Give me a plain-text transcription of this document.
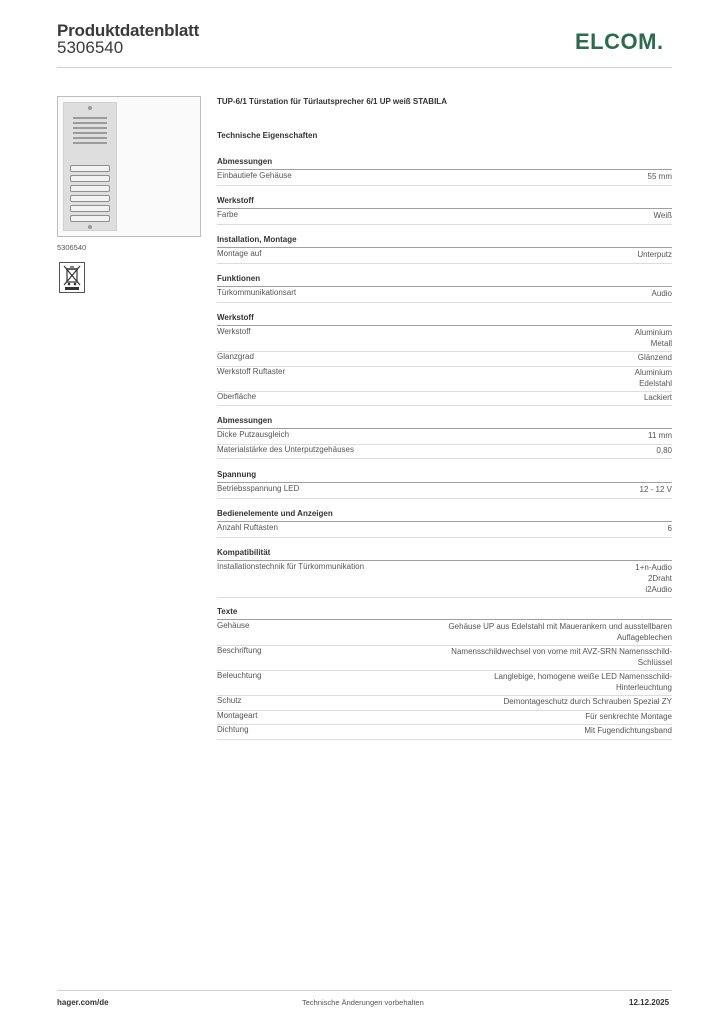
Produktdatenblatt
5306540	ELCOM.
5306540
TUP-6/1 Türstation für Türlautsprecher 6/1 UP weiß STABILA
Technische Eigenschaften
Abmessungen
Einbautiefe Gehäuse	55 mm
Werkstoff
Farbe	Weiß
Installation, Montage
Montage auf	Unterputz
Funktionen
Türkommunikationsart	Audio
Werkstoff
Werkstoff	Aluminium
Metall
Glanzgrad	Glänzend
Werkstoff Ruftaster	Aluminium
Edelstahl
Oberfläche	Lackiert
Abmessungen
Dicke Putzausgleich	11 mm
Materialstärke des Unterputzgehäuses	0,80
Spannung
Betriebsspannung LED	12 - 12 V
Bedienelemente und Anzeigen
Anzahl Ruftasten	6
Kompatibilität
Installationstechnik für Türkommunikation	1+n-Audio
2Draht
i2Audio
Texte
Gehäuse	Gehäuse UP aus Edelstahl mit Mauerankern und ausstellbaren
Auflageblechen
Beschriftung	Namensschildwechsel von vorne mit AVZ-SRN Namensschild-
Schlüssel
Beleuchtung	Langlebige, homogene weiße LED Namensschild-
Hinterleuchtung
Schutz	Demontageschutz durch Schrauben Spezial ZY
Montageart	Für senkrechte Montage
Dichtung	Mit Fugendichtungsband
hager.com/de	Technische Änderungen vorbehalten	12.12.2025
